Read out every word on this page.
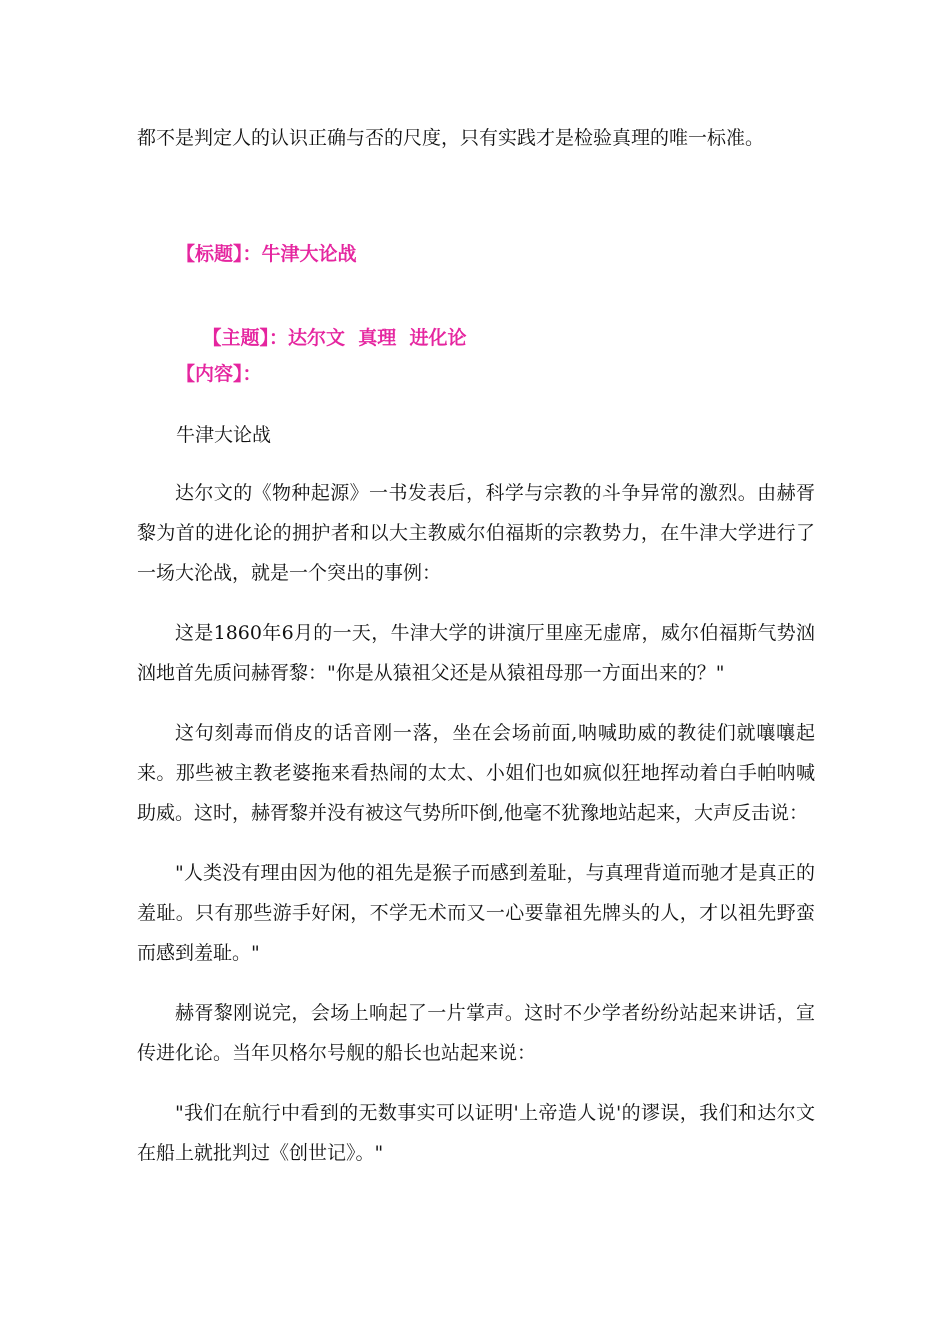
都不是判定人的认识正确与否的尺度，只有实践才是检验真理的唯一标准。
【标题】：牛津大论战

【主题】：达尔文  真理  进化论

【内容】：
牛津大论战
达尔文的《物种起源》一书发表后，科学与宗教的斗争异常的激烈。由赫胥黎为首的进化论的拥护者和以大主教威尔伯福斯的宗教势力，在牛津大学进行了一场大沦战，就是一个突出的事例：
这是1860年6月的一天，牛津大学的讲演厅里座无虚席，威尔伯福斯气势汹汹地首先质问赫胥黎："你是从猿祖父还是从猿祖母那一方面出来的？"
这句刻毒而俏皮的话音刚一落，坐在会场前面,呐喊助威的教徒们就嚷嚷起来。那些被主教老婆拖来看热闹的太太、小姐们也如疯似狂地挥动着白手帕呐喊助威。这时，赫胥黎并没有被这气势所吓倒,他毫不犹豫地站起来，大声反击说：
"人类没有理由因为他的祖先是猴子而感到羞耻，与真理背道而驰才是真正的羞耻。只有那些游手好闲，不学无术而又一心要靠祖先牌头的人，才以祖先野蛮而感到羞耻。"
赫胥黎刚说完，会场上响起了一片掌声。这时不少学者纷纷站起来讲话，宣传进化论。当年贝格尔号舰的船长也站起来说：
"我们在航行中看到的无数事实可以证明'上帝造人说'的谬误，我们和达尔文在船上就批判过《创世记》。"
